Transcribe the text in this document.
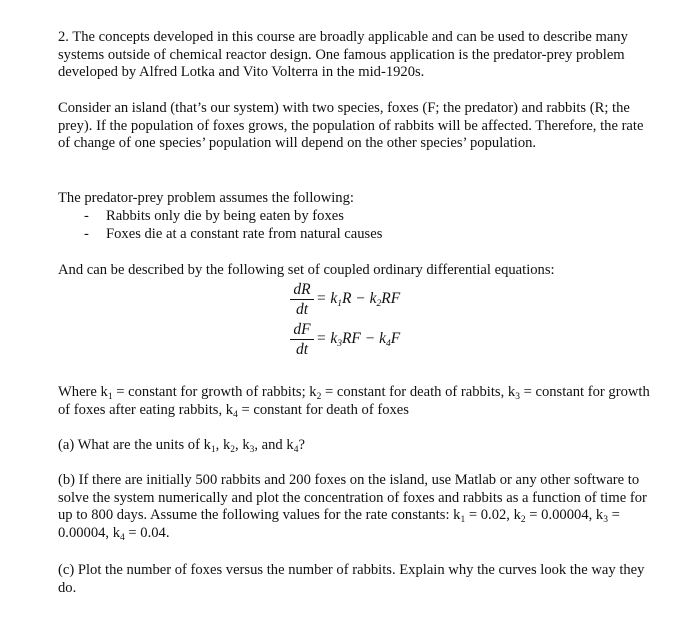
2. The concepts developed in this course are broadly applicable and can be used to describe many systems outside of chemical reactor design. One famous application is the predator-prey problem developed by Alfred Lotka and Vito Volterra in the mid-1920s.

Consider an island (that’s our system) with two species, foxes (F; the predator) and rabbits (R; the prey). If the population of foxes grows, the population of rabbits will be affected. Therefore, the rate of change of one species’ population will depend on the other species’ population.

The predator-prey problem assumes the following:

- Rabbits only die by being eaten by foxes
- Foxes die at a constant rate from natural causes

And can be described by the following set of coupled ordinary differential equations:

dR
dt
= $k_1R - k_2RF$
dF
dt
= $k_3RF - k_4F$

Where $k_1$ = constant for growth of rabbits; $k_2$ = constant for death of rabbits, $k_3$ = constant for growth of foxes after eating rabbits, $k_4$ = constant for death of foxes

(a) What are the units of $k_1$, $k_2$, $k_3$, and $k_4$?

(b) If there are initially 500 rabbits and 200 foxes on the island, use Matlab or any other software to solve the system numerically and plot the concentration of foxes and rabbits as a function of time for up to 800 days. Assume the following values for the rate constants: $k_1 = 0.02$, $k_2 = 0.00004$, $k_3 = 0.00004$, $k_4 = 0.04$.

(c) Plot the number of foxes versus the number of rabbits. Explain why the curves look the way they do.
